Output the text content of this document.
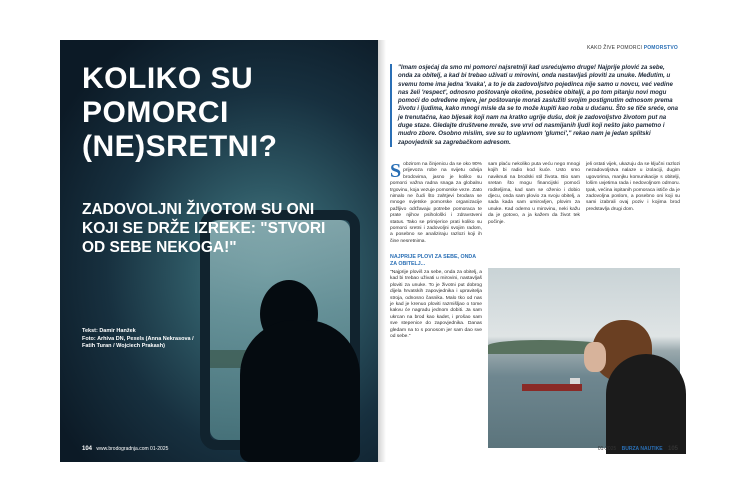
KOLIKO SU POMORCI (NE)SRETNI?
ZADOVOLJNI ŽIVOTOM SU ONI KOJI SE DRŽE IZREKE: "STVORI OD SEBE NEKOGA!"
Tekst: Damir Hanžek
Foto: Arhiva DN, Pexels (Anna Nekrasova / Fatih Turan / Wojciech Prakash)
104 www.brodogradnja.com 01-2025
KAKO ŽIVE POMORCI POMORSTVO

"Imam osjećaj da smo mi pomorci najsretniji kad usrećujemo druge! Najprije plović za sebe, onda za obitelj, a kad bi trebao uživati u mirovini, onda nastavljaš ploviti za unuke. Međutim, u svemu tome ima jedna 'kvaka', a to je da zadovoljstvo pojedinca nije samo u novcu, već vedine nas želi 'respect', odnosno poštovanje okoline, posebice obitelji, a po tom pitanju novi mogu pomoći do određene mjere, jer poštovanje moraš zaslužiti svojim postignutim odnosom prema životu i ljudima, kako mnogi misle da se to može kupiti kao roba u dućanu. Što se tiče sreće, ona je trenutačna, kao bljesak koji nam na kratko ugrije dušu, dok je zadovoljstvo životom put na duge staze. Gledajte društvene mreže, sve vrvi od nasmijanih ljudi koji nešto jako pametno i mudro zbore. Osobno mislim, sve su to uglavnom 'glumci'," rekao nam je jedan splitski zapovjednik sa zagrebačkom adresom.

S obzirom na činjenicu da se oko 90% prijevoza robe na svijetu odvija brodovima, jasno je koliko su pomorci važna radna snaga za globalnu trgovinu, koja vezuje pomorske veze. Zato nimalo ne čudi što zahtjevi brodara se mnoge svjetske pomorske organizacije pažljivo održavaju potrebe pomoraca te prate njihov psihološki i zdravstveni status. Tako se primjerice prati koliko su pomorci sretni i zadovoljni svojim radom, a posebno se analiziraju razlozi koji ih čine nesretnima.
sam plaću nekoliko puta veću nego mnogi kojih bi radio kod kuće. Usto smo naviknuti na brodski stil života. Bio sam sretan što mogu financijski pomoći roditeljima, kad sam se oženio i dobio djecu, onda sam plovio za svoju obitelj, a sada kada sam umirovljen, plovim za unuke. Kad odemo u mirovinu, neki kažu da je gotovo, a ja kažem da život tek počinje.
jeli ostati vijek, ukazuju da se ključni razlozi nezadovoljstva nalaze u izolaciji, dugim ugovorima, manjku komunikacije s obitelji, lošim uvjetima rada i nedovoljnom odmoru. Ipak, većina ispitanih pomoraca ističe da je zadovoljna poslom, a posebno oni koji su sami izabrali ovaj poziv i kojima brod predstavlja drugi dom.
NAJPRIJE PLOVI ZA SEBE, ONDA ZA OBITELJ...
"Najprije ploviš za sebe, onda za obitelj, a kad bi trebao uživati u mirovini, nastavljaš ploviti za unuke. To je životni put dobrog dijela hrvatskih zapovjednika i upravitelja stroja, odnosno časnika. Malo tko od nas je kad je krenuo ploviti razmišljao o tome kakvu će nagradu jednom dobiti. Ja sam ukrcan na brod kao kadet, i prošao sam sve stepenice do zapovjednika. Danas gledam na to s ponosom jer sam dao sve od sebe."
01-2025 BURZA NAUTIKE 105
